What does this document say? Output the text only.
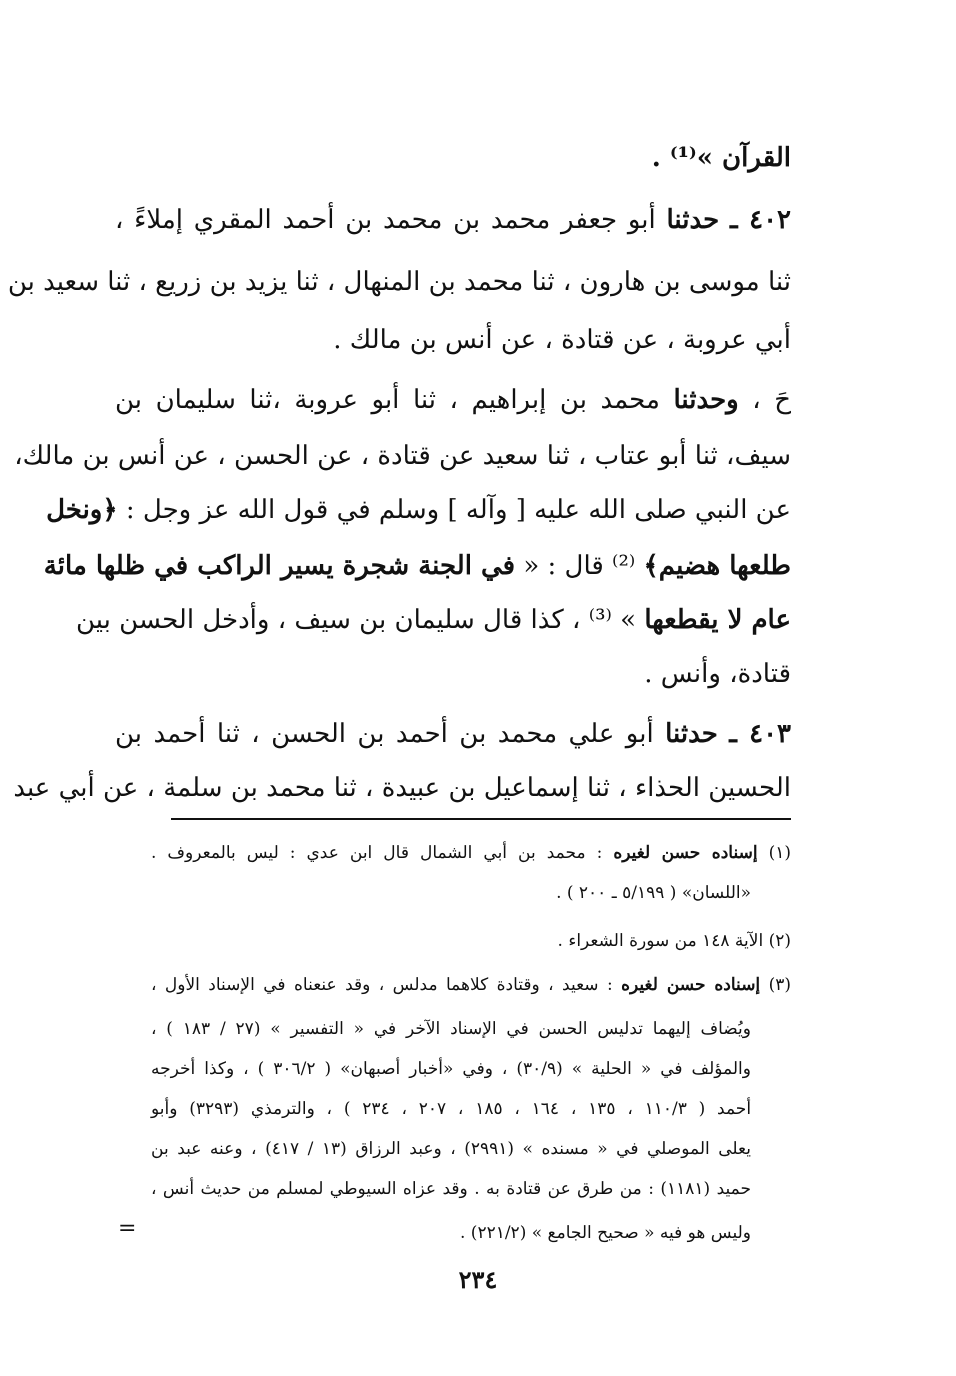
القرآن »⁽¹⁾ .
٤٠٢ ـ حدثنا أبو جعفر محمد بن محمد بن أحمد المقري إملاءً ،
ثنا موسى بن هارون ، ثنا محمد بن المنهال ، ثنا يزيد بن زريع ، ثنا سعيد بن
أبي عروبة ، عن قتادة ، عن أنس بن مالك .
حَ ، وحدثنا محمد بن إبراهيم ، ثنا أبو عروبة ،ثنا سليمان بن
سيف، ثنا أبو عتاب ، ثنا سعيد عن قتادة ، عن الحسن ، عن أنس بن مالك،
عن النبي صلى الله عليه [ وآله ] وسلم في قول الله عز وجل : ﴿ونخل
طلعها هضيم﴾ ⁽²⁾ قال : « في الجنة شجرة يسير الراكب في ظلها مائة
عام لا يقطعها » ⁽³⁾ ، كذا قال سليمان بن سيف ، وأدخل الحسن بين
قتادة، وأنس .
٤٠٣ ـ حدثنا أبو علي محمد بن أحمد بن الحسن ، ثنا أحمد بن
الحسين الحذاء ، ثنا إسماعيل بن عبيدة ، ثنا محمد بن سلمة ، عن أبي عبد
(١) إسناده حسن لغيره : محمد بن أبي الشمال قال ابن عدي : ليس بالمعروف .
«اللسان» ( ٥/١٩٩ ـ ٢٠٠ ) .
(٢) الآية ١٤٨ من سورة الشعراء .
(٣) إسناده حسن لغيره : سعيد ، وقتادة كلاهما مدلس ، وقد عنعناه في الإسناد الأول ،
ويُضاف إليهما تدليس الحسن في الإسناد الآخر في « التفسير » (٢٧ / ١٨٣ ) ،
والمؤلف في « الحلية » (٣٠/٩) ، وفي «أخبار أصبهان» ( ٣٠٦/٢ ) ، وكذا أخرجه
أحمد ( ١١٠/٣ ، ١٣٥ ، ١٦٤ ، ١٨٥ ، ٢٠٧ ، ٢٣٤ ) ، والترمذي (٣٢٩٣) وأبو
يعلى الموصلي في « مسنده » (٢٩٩١) ، وعبد الرزاق (١٣ / ٤١٧) ، وعنه عبد بن
حميد (١١٨١) : من طرق عن قتادة به . وقد عزاه السيوطي لمسلم من حديث أنس ،
وليس هو فيه « صحيح الجامع » (٢٢١/٢) .
=
٢٣٤
